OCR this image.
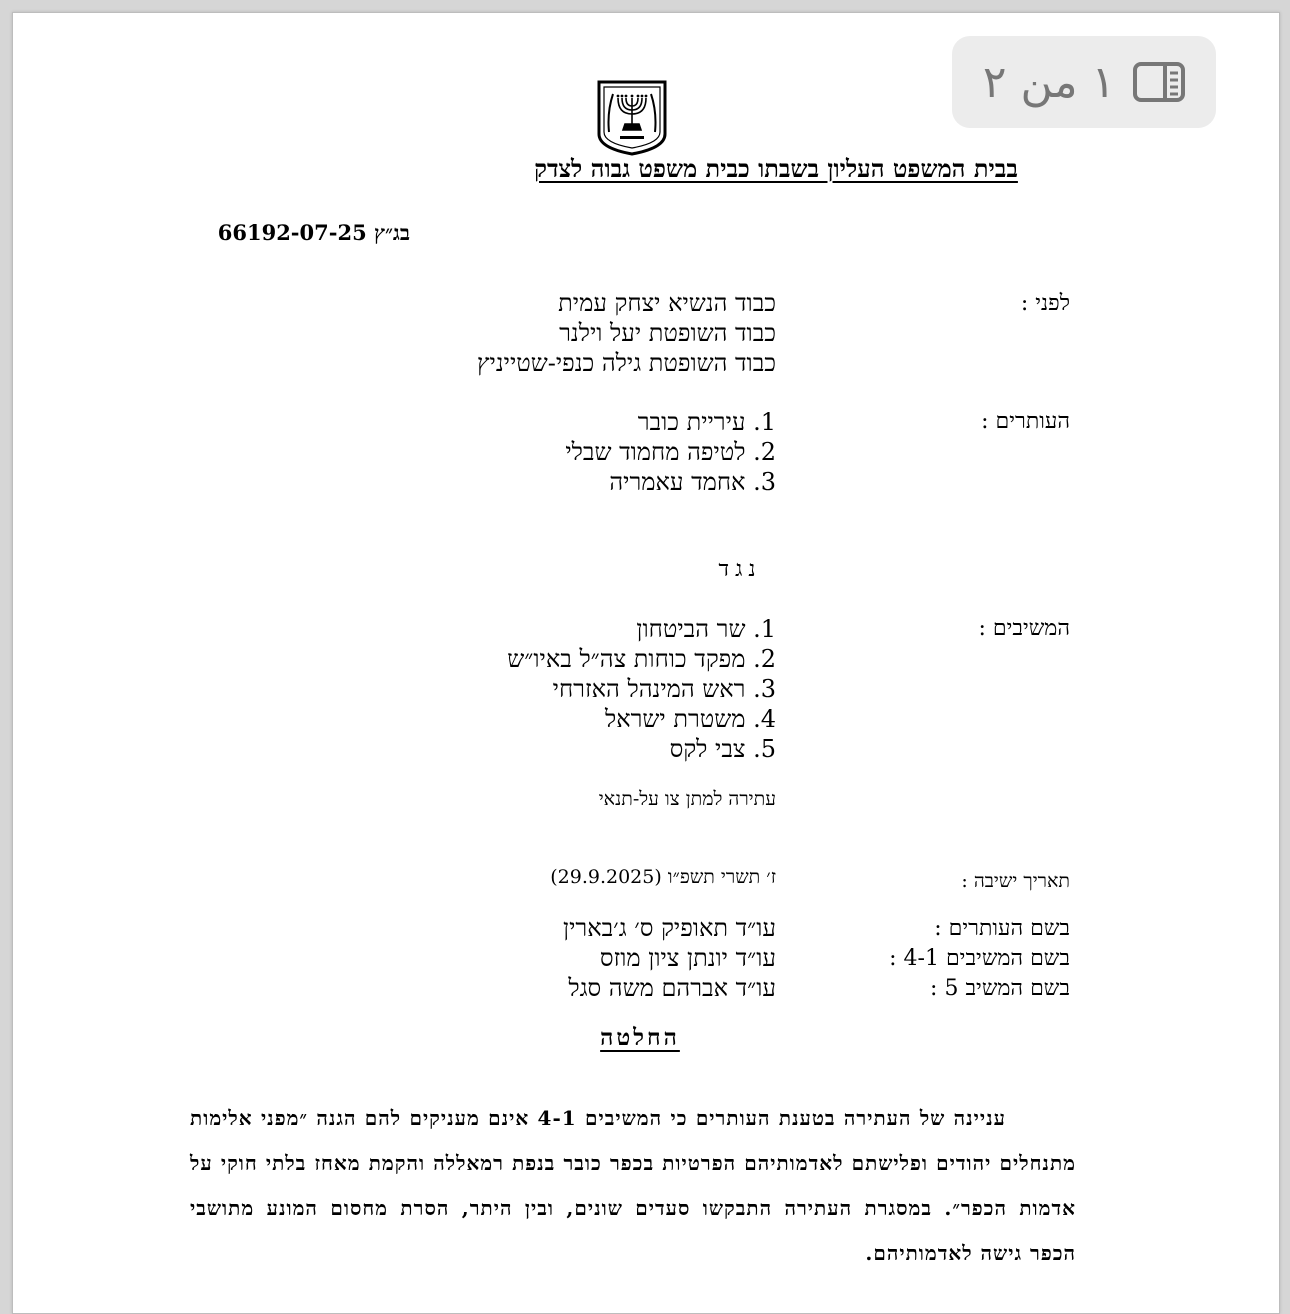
١ من ٢
בבית המשפט העליון בשבתו כבית משפט גבוה לצדק
בג״ץ 66192-07-25
לפני :
כבוד הנשיא יצחק עמית
כבוד השופטת יעל וילנר
כבוד השופטת גילה כנפי-שטייניץ
העותרים :
1. עיריית כובר
2. לטיפה מחמוד שבלי
3. אחמד עאמריה
נגד
המשיבים :
1. שר הביטחון
2. מפקד כוחות צה״ל באיו״ש
3. ראש המינהל האזרחי
4. משטרת ישראל
5. צבי לקס
עתירה למתן צו על-תנאי
תאריך ישיבה :
ז׳ תשרי תשפ״ו (29.9.2025)
בשם העותרים :
בשם המשיבים 4-1 :
בשם המשיב 5 :
עו״ד תאופיק ס׳ ג׳בארין
עו״ד יונתן ציון מוזס
עו״ד אברהם משה סגל
החלטה

עניינה של העתירה בטענת העותרים כי המשיבים 4-1 אינם מעניקים להם הגנה ״מפני אלימות מתנחלים יהודים ופלישתם לאדמותיהם הפרטיות בכפר כובר בנפת רמאללה והקמת מאחז בלתי חוקי על אדמות הכפר״. במסגרת העתירה התבקשו סעדים שונים, ובין היתר, הסרת מחסום המונע מתושבי הכפר גישה לאדמותיהם.
